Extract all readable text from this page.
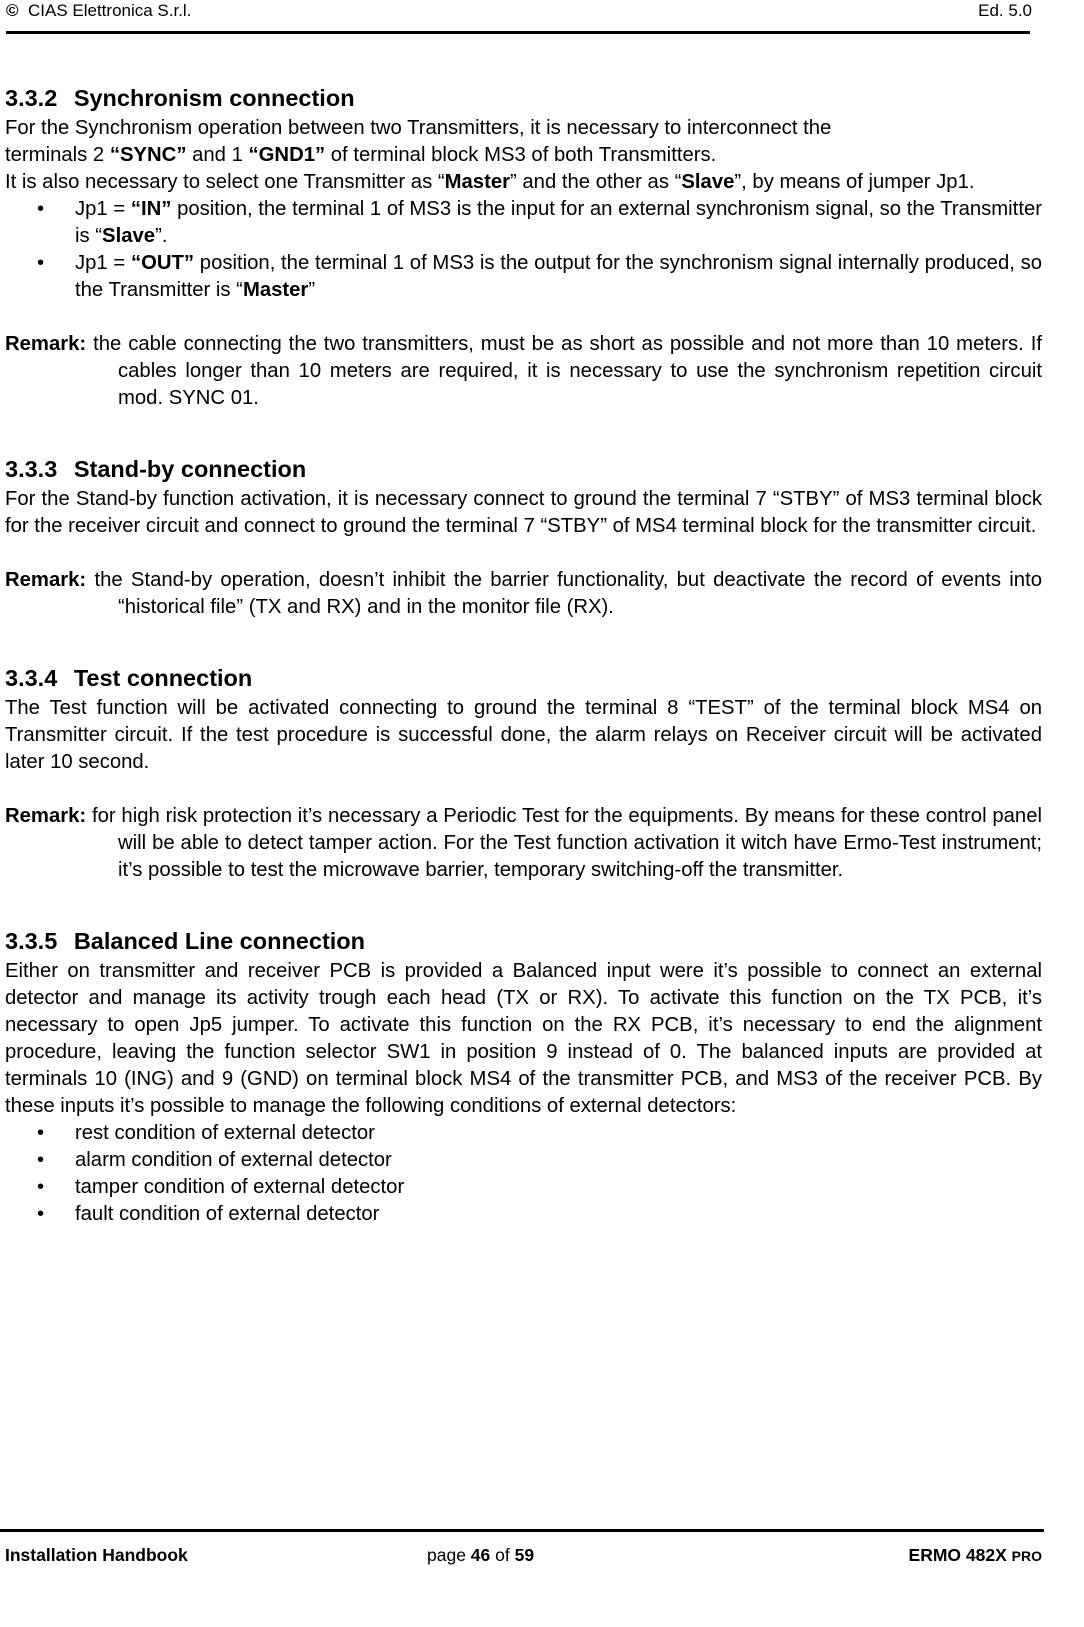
© CIAS Elettronica S.r.l.	Ed. 5.0
3.3.2 Synchronism connection

For the Synchronism operation between two Transmitters, it is necessary to interconnect the
terminals 2 “SYNC” and 1 “GND1” of terminal block MS3 of both Transmitters.

It is also necessary to select one Transmitter as “Master” and the other as “Slave”, by means of jumper Jp1.

• Jp1 = “IN” position, the terminal 1 of MS3 is the input for an external synchronism signal, so the Transmitter is “Slave”.
• Jp1 = “OUT” position, the terminal 1 of MS3 is the output for the synchronism signal internally produced, so the Transmitter is “Master”

Remark: the cable connecting the two transmitters, must be as short as possible and not more than 10 meters. If cables longer than 10 meters are required, it is necessary to use the synchronism repetition circuit mod. SYNC 01.

3.3.3 Stand-by connection

For the Stand-by function activation, it is necessary connect to ground the terminal 7 “STBY” of MS3 terminal block for the receiver circuit and connect to ground the terminal 7 “STBY” of MS4 terminal block for the transmitter circuit.

Remark: the Stand-by operation, doesn’t inhibit the barrier functionality, but deactivate the record of events into “historical file” (TX and RX) and in the monitor file (RX).

3.3.4 Test connection

The Test function will be activated connecting to ground the terminal 8 “TEST” of the terminal block MS4 on Transmitter circuit. If the test procedure is successful done, the alarm relays on Receiver circuit will be activated later 10 second.

Remark: for high risk protection it’s necessary a Periodic Test for the equipments. By means for these control panel will be able to detect tamper action. For the Test function activation it witch have Ermo-Test instrument; it’s possible to test the microwave barrier, temporary switching-off the transmitter.

3.3.5 Balanced Line connection

Either on transmitter and receiver PCB is provided a Balanced input were it’s possible to connect an external detector and manage its activity trough each head (TX or RX). To activate this function on the TX PCB, it’s necessary to open Jp5 jumper. To activate this function on the RX PCB, it’s necessary to end the alignment procedure, leaving the function selector SW1 in position 9 instead of 0. The balanced inputs are provided at terminals 10 (ING) and 9 (GND) on terminal block MS4 of the transmitter PCB, and MS3 of the receiver PCB. By these inputs it’s possible to manage the following conditions of external detectors:

• rest condition of external detector
• alarm condition of external detector
• tamper condition of external detector
• fault condition of external detector
Installation Handbook	page 46 of 59	ERMO 482X PRO
